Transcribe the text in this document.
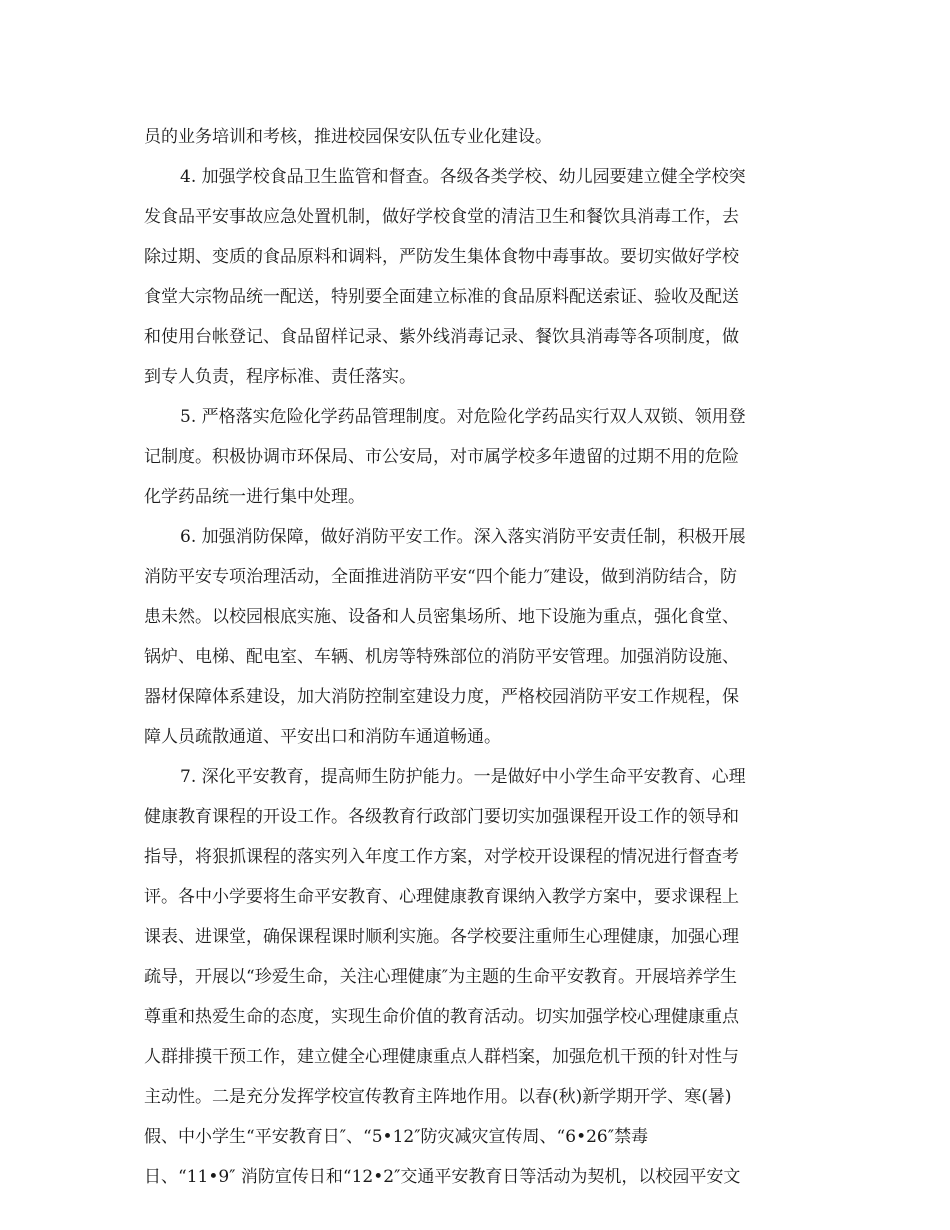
员的业务培训和考核，推进校园保安队伍专业化建设。
4. 加强学校食品卫生监管和督查。各级各类学校、幼儿园要建立健全学校突
发食品平安事故应急处置机制，做好学校食堂的清洁卫生和餐饮具消毒工作，去
除过期、变质的食品原料和调料，严防发生集体食物中毒事故。要切实做好学校
食堂大宗物品统一配送，特别要全面建立标准的食品原料配送索证、验收及配送
和使用台帐登记、食品留样记录、紫外线消毒记录、餐饮具消毒等各项制度，做
到专人负责，程序标准、责任落实。
5. 严格落实危险化学药品管理制度。对危险化学药品实行双人双锁、领用登
记制度。积极协调市环保局、市公安局，对市属学校多年遗留的过期不用的危险
化学药品统一进行集中处理。
6. 加强消防保障，做好消防平安工作。深入落实消防平安责任制，积极开展
消防平安专项治理活动，全面推进消防平安“四个能力″建设，做到消防结合，防
患未然。以校园根底实施、设备和人员密集场所、地下设施为重点，强化食堂、
锅炉、电梯、配电室、车辆、机房等特殊部位的消防平安管理。加强消防设施、
器材保障体系建设，加大消防控制室建设力度，严格校园消防平安工作规程，保
障人员疏散通道、平安出口和消防车通道畅通。
7. 深化平安教育，提高师生防护能力。一是做好中小学生命平安教育、心理
健康教育课程的开设工作。各级教育行政部门要切实加强课程开设工作的领导和
指导，将狠抓课程的落实列入年度工作方案，对学校开设课程的情况进行督查考
评。各中小学要将生命平安教育、心理健康教育课纳入教学方案中，要求课程上
课表、进课堂，确保课程课时顺利实施。各学校要注重师生心理健康，加强心理
疏导，开展以“珍爱生命，关注心理健康″为主题的生命平安教育。开展培养学生
尊重和热爱生命的态度，实现生命价值的教育活动。切实加强学校心理健康重点
人群排摸干预工作，建立健全心理健康重点人群档案，加强危机干预的针对性与
主动性。二是充分发挥学校宣传教育主阵地作用。以春(秋)新学期开学、寒(暑)
假、中小学生“平安教育日″、“5•12″防灾减灾宣传周、“6•26″禁毒
日、“11•9″ 消防宣传日和“12•2″交通平安教育日等活动为契机，以校园平安文
